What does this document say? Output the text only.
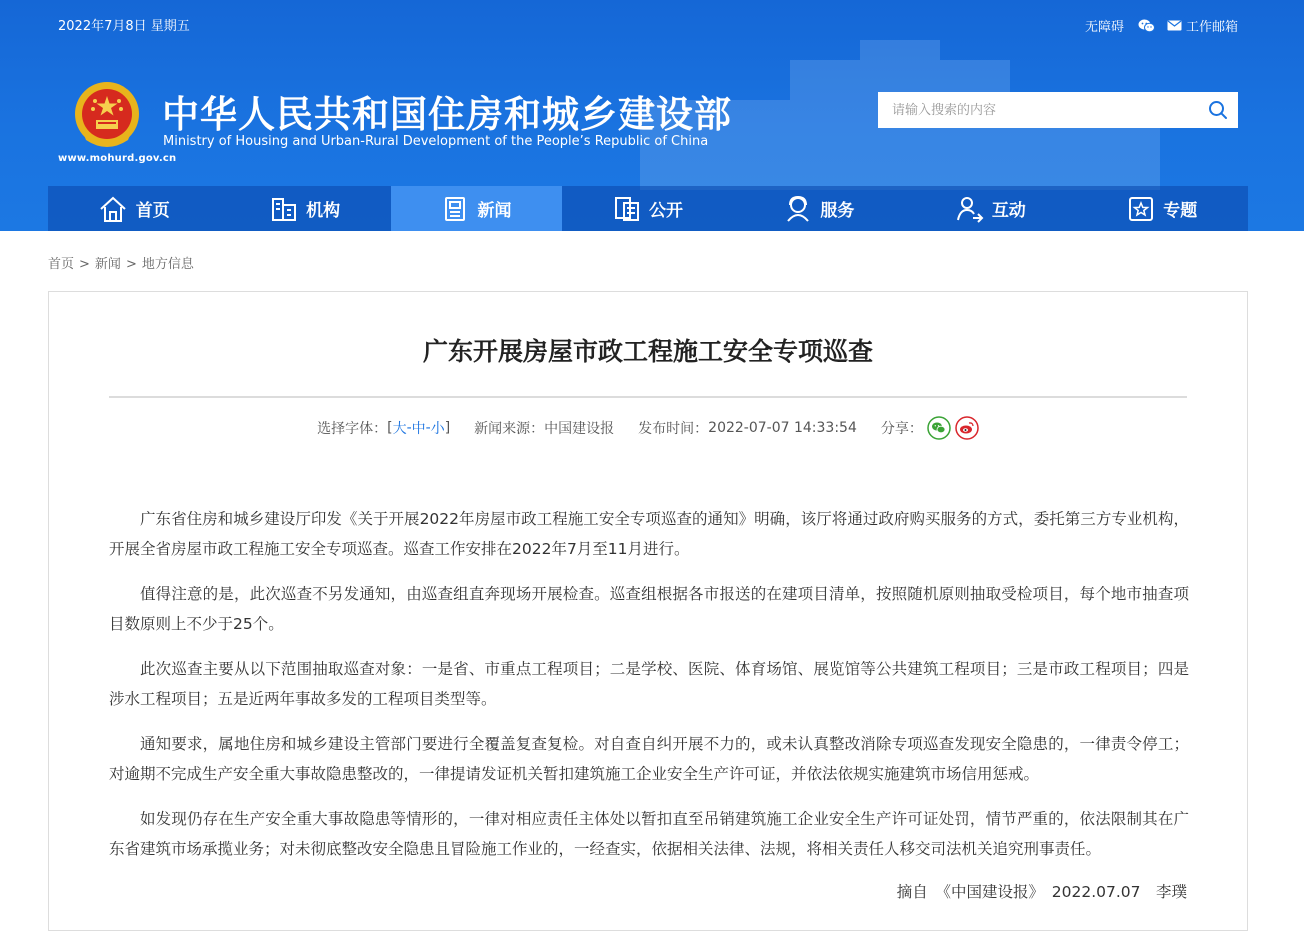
2022年7月8日 星期五	无障碍	工作邮箱
www.mohurd.gov.cn
中华人民共和国住房和城乡建设部
Ministry of Housing and Urban-Rural Development of the People’s Republic of China
请输入搜索的内容
首页	机构	新闻	公开	服务	互动	专题
首页 > 新闻 > 地方信息
广东开展房屋市政工程施工安全专项巡查
选择字体： [ 大 - 中 - 小 ] 新闻来源： 中国建设报 发布时间： 2022-07-07 14:33:54 分享：

广东省住房和城乡建设厅印发《关于开展2022年房屋市政工程施工安全专项巡查的通知》明确，该厅将通过政府购买服务的方式，委托第三方专业机构，开展全省房屋市政工程施工安全专项巡查。巡查工作安排在2022年7月至11月进行。

值得注意的是，此次巡查不另发通知，由巡查组直奔现场开展检查。巡查组根据各市报送的在建项目清单，按照随机原则抽取受检项目，每个地市抽查项目数原则上不少于25个。

此次巡查主要从以下范围抽取巡查对象：一是省、市重点工程项目；二是学校、医院、体育场馆、展览馆等公共建筑工程项目；三是市政工程项目；四是涉水工程项目；五是近两年事故多发的工程项目类型等。

通知要求，属地住房和城乡建设主管部门要进行全覆盖复查复检。对自查自纠开展不力的，或未认真整改消除专项巡查发现安全隐患的，一律责令停工；对逾期不完成生产安全重大事故隐患整改的，一律提请发证机关暂扣建筑施工企业安全生产许可证，并依法依规实施建筑市场信用惩戒。

如发现仍存在生产安全重大事故隐患等情形的，一律对相应责任主体处以暂扣直至吊销建筑施工企业安全生产许可证处罚，情节严重的，依法限制其在广东省建筑市场承揽业务；对未彻底整改安全隐患且冒险施工作业的，一经查实，依据相关法律、法规，将相关责任人移交司法机关追究刑事责任。

摘自　《中国建设报》　2022.07.07　李璞
